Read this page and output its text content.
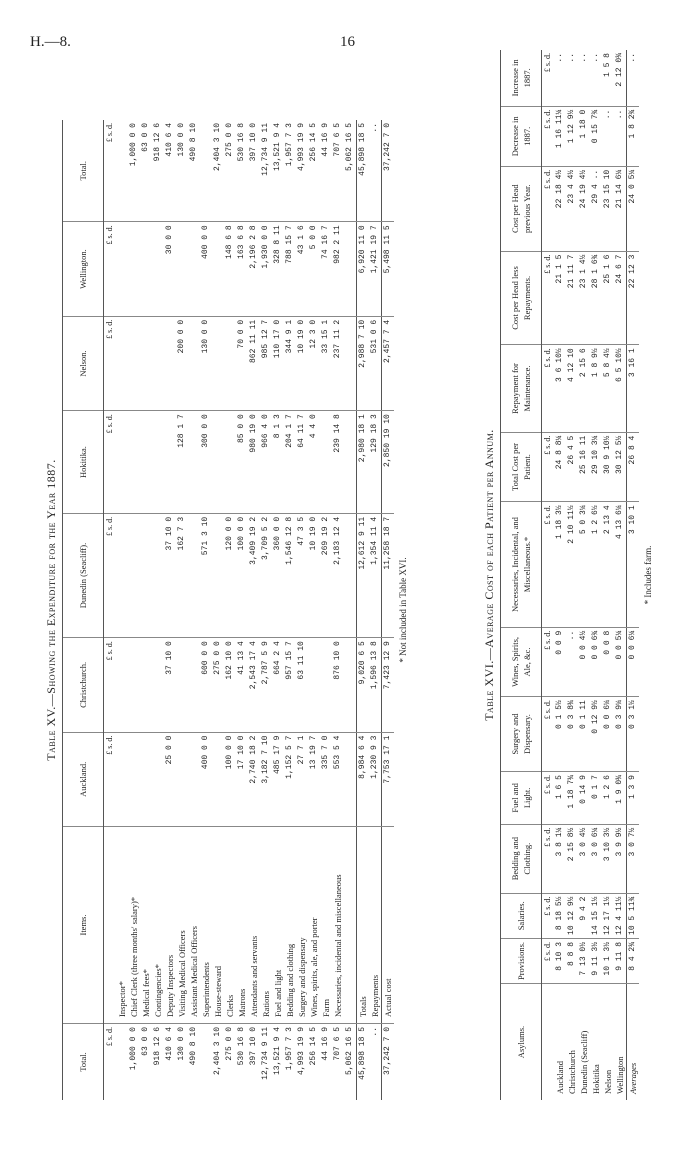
H.—8.	16
Table XV.—Showing the Expenditure for the Year 1887.
Total.	Items.	Auckland.	Christchurch.	Dunedin (Seacliff).	Hokitika.	Nelson.	Wellington.	Total.
£ s. d.		£ s. d.	£ s. d.	£ s. d.	£ s. d.	£ s. d.	£ s. d.	£ s. d.
	Inspector*							
1,000 0 0	Chief Clerk (three months' salary)*							1,000 0 0
63 0 0	Medical fees*							63 0 0
918 12 6	Contingencies*							918 12 6
410 6 4	Deputy Inspectors	25 0 0	37 10 0	37 10 0			30 0 0	410 6 4
130 0 0	Visiting Medical Officers			162 7 3	128 1 7	200 0 0		130 0 0
490 8 10	Assistant Medical Officers							490 8 10
	Superintendents	400 0 0	600 0 0	571 3 10	300 0 0	130 0 0	400 0 0	
2,404 3 10	House-steward		275 0 0					2,404 3 10
275 0 0	Clerks	100 0 0	162 10 0	120 0 0			148 6 8	275 0 0
530 16 8	Matrons	17 10 0	41 13 4	100 0 0	85 0 0	70 0 0	163 6 8	530 16 8
397 10 0	Attendants and servants	2,740 18 2	2,543 17 4	3,409 19 2	980 19 0	862 11 11	2,196 2 8	397 10 0
12,734 9 11	Rations	3,182 7 10	2,787 5 9	3,709 5 2	966 4 0	985 12 7	1,930 0 0	12,734 9 11
13,521 9 4	Fuel and light	485 17 9	664 2 4	360 0 0	8 1 3	110 17 0	328 8 11	13,521 9 4
1,957 7 3	Bedding and clothing	1,152 5 7	957 15 7	1,546 12 8	204 1 7	344 9 1	788 15 7	1,957 7 3
4,993 19 9	Surgery and dispensary	27 7 1	63 11 10	47 3 5	64 11 7	10 19 0	43 1 6	4,993 19 9
256 14 5	Wines, spirits, ale, and porter	13 19 7		10 19 0	4 4 0	12 3 0	5 0 0	256 14 5
44 16 9	Farm	335 7 0		269 19 2		33 15 1	74 16 7	44 16 9
707 6 5	Necessaries, incidental and miscellaneous	553 5 4	876 10 0	2,183 12 4	239 14 8	237 11 2	982 2 11	707 6 5
5,062 16 5								5,062 16 5
45,898 18 5	Totals	8,984 6 4	9,020 6 5	12,612 9 11	2,980 18 1	2,988 7 10	6,920 11 0	45,898 18 5
..	Repayments	1,230 9 3	1,596 13 8	1,354 11 4	129 18 3	531 0 6	1,421 19 7	..
37,242 7 0	Actual cost	7,753 17 1	7,423 12 9	11,258 18 7	2,850 19 10	2,457 7 4	5,498 11 5	37,242 7 0
* Not included in Table XVI.
Table XVI.—Average Cost of each Patient per Annum.
Asylums.	Provisions.	Salaries.	Bedding and Clothing.	Fuel and Light.	Surgery and Dispensary.	Wines, Spirits, Ale, &c.	Necessaries, Incidental, and Miscellaneous.*	Total Cost per Patient.	Repayment for Maintenance.	Cost per Head less Repayments.	Cost per Head previous Year.	Decrease in 1887.	Increase in 1887.
	£ s. d.	£ s. d.	£ s. d.	£ s. d.	£ s. d.	£ s. d.	£ s. d.	£ s. d.	£ s. d.	£ s. d.	£ s. d.	£ s. d.	£ s. d.
Auckland	8 10 3	8 18 5½	3 8 1¼	1 6 5	0 1 5½	0 0 9	1 18 3½	24 8 8¼	3 6 10½	21 1 5	22 18 4½	1 16 11¼	..
Christchurch	8 8 8	10 12 9½	2 15 8½	1 18 7¾	0 3 8¾	..	2 10 11½	26 4 5	4 12 10	21 11 7	23 4 4½	1 12 9½	..
Dunedin (Seacliff)	7 13 0½	9 4 2	3 0 4½	0 14 9	0 1 11	0 0 4½	5 0 3¼	25 16 11	2 15 6	23 1 4½	24 19 4½	1 18 0	..
Hokitika	9 11 3½	14 15 1½	3 0 6¼	0 1 7	0 12 9½	0 0 6¾	1 2 6½	29 10 3¼	1 8 9½	28 1 6¾	29 4 ..	0 15 7¾	..
Nelson	10 1 3½	12 17 1½	3 10 3½	1 2 6	0 0 6¼	0 0 8	2 13 4	30 9 10½	5 8 4½	25 1 6	23 15 10	..	1 5 8
Wellington	9 11 8	12 4 11½	3 9 9½	1 9 0¾	0 3 9¼	0 0 5¼	4 13 6¼	30 12 5½	6 5 10½	24 6 7	21 14 6¼	..	2 12 0¾
Averages	8 4 2¾	10 5 11¾	3 0 7½	1 3 9	0 3 1½	0 0 6¼	3 10 1	26 8 4	3 16 1	22 12 3	24 0 5¼	1 8 2¾	..
* Includes farm.
